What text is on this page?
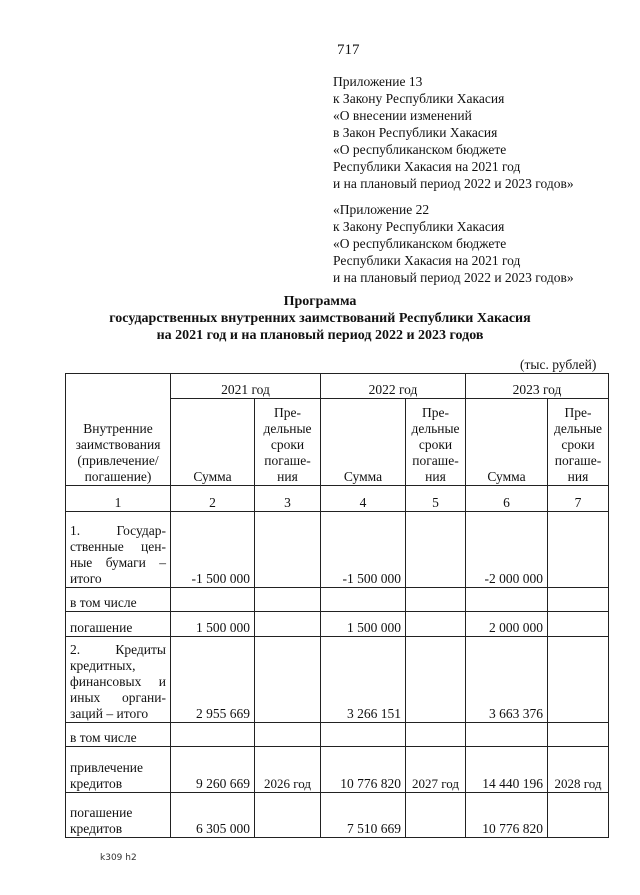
717
Приложение 13
к Закону Республики Хакасия
«О внесении изменений
в Закон Республики Хакасия
«О республиканском бюджете
Республики Хакасия на 2021 год
и на плановый период 2022 и 2023 годов»
«Приложение 22
к Закону Республики Хакасия
«О республиканском бюджете
Республики Хакасия на 2021 год
и на плановый период 2022 и 2023 годов»
Программа
государственных внутренних заимствований Республики Хакасия
на 2021 год и на плановый период 2022 и 2023 годов
(тыс. рублей)
Внутренние
заимствования
(привлечение/
погашение)	2021 год		2022 год		2023 год	
	Сумма	Пре-
дельные
сроки
погаше-
ния	Сумма	Пре-
дельные
сроки
погаше-
ния	Сумма	Пре-
дельные
сроки
погаше-
ния

1	2	3	4	5	6	7

1. Государ-
ственные цен-
ные бумаги –
итого	-1 500 000		-1 500 000		-2 000 000	
в том числе						
погашение	1 500 000		1 500 000		2 000 000	

2. Кредиты
кредитных,
финансовых и
иных органи-
заций – итого	2 955 669		3 266 151		3 663 376	
в том числе						

привлечение
кредитов	9 260 669	2026 год	10 776 820	2027 год	14 440 196	2028 год

погашение
кредитов	6 305 000		7 510 669		10 776 820	
k309 h2
